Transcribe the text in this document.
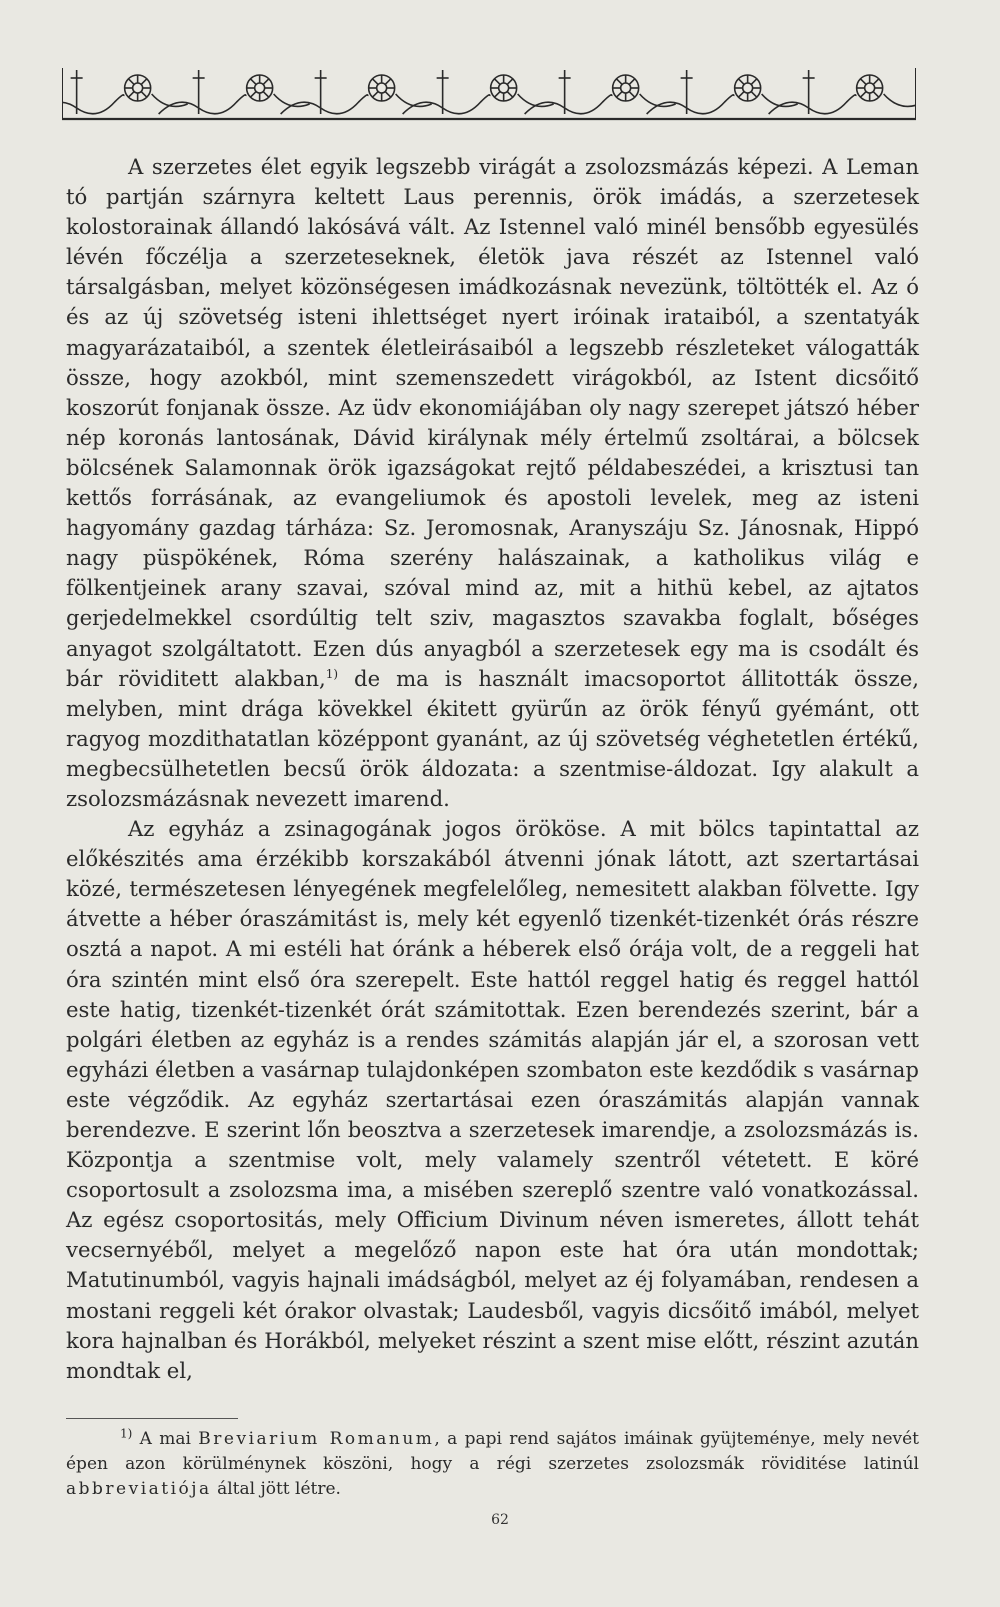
A szerzetes élet egyik legszebb virágát a zsolozsmázás képezi. A Leman tó partján szárnyra keltett Laus perennis, örök imádás, a szerzetesek kolostorainak állandó lakósává vált. Az Istennel való minél bensőbb egyesülés lévén főczélja a szerzeteseknek, életök java részét az Istennel való társalgásban, melyet közönségesen imádkozásnak nevezünk, töltötték el. Az ó és az új szövetség isteni ihlettséget nyert iróinak irataiból, a szentatyák magyarázataiból, a szentek életleirásaiból a legszebb részleteket válogatták össze, hogy azokból, mint szemenszedett virágokból, az Istent dicsőitő koszorút fonjanak össze. Az üdv ekonomiájában oly nagy szerepet játszó héber nép koronás lantosának, Dávid királynak mély értelmű zsoltárai, a bölcsek bölcsének Salamonnak örök igazságokat rejtő példabeszédei, a krisztusi tan kettős forrásának, az evangeliumok és apostoli levelek, meg az isteni hagyomány gazdag tárháza: Sz. Jeromosnak, Aranyszáju Sz. Jánosnak, Hippó nagy püspökének, Róma szerény halászainak, a katholikus világ e fölkentjeinek arany szavai, szóval mind az, mit a hithü kebel, az ajtatos gerjedelmekkel csordúltig telt sziv, magasztos szavakba foglalt, bőséges anyagot szolgáltatott. Ezen dús anyagból a szerzetesek egy ma is csodált és bár röviditett alakban,$^{1)}$ de ma is használt imacsoportot állitották össze, melyben, mint drága kövekkel ékitett gyürűn az örök fényű gyémánt, ott ragyog mozdithatatlan középpont gyanánt, az új szövetség véghetetlen értékű, megbecsülhetetlen becsű örök áldozata: a szentmise-áldozat. Igy alakult a zsolozsmázásnak nevezett imarend.

Az egyház a zsinagogának jogos örököse. A mit bölcs tapintattal az előkészités ama érzékibb korszakából átvenni jónak látott, azt szertartásai közé, természetesen lényegének megfelelőleg, nemesitett alakban fölvette. Igy átvette a héber óraszámitást is, mely két egyenlő tizenkét-tizenkét órás részre osztá a napot. A mi estéli hat óránk a héberek első órája volt, de a reggeli hat óra szintén mint első óra szerepelt. Este hattól reggel hatig és reggel hattól este hatig, tizenkét-tizenkét órát számitottak. Ezen berendezés szerint, bár a polgári életben az egyház is a rendes számitás alapján jár el, a szorosan vett egyházi életben a vasárnap tulajdonképen szombaton este kezdődik s vasárnap este végződik. Az egyház szertartásai ezen óraszámitás alapján vannak berendezve. E szerint lőn beosztva a szerzetesek imarendje, a zsolozsmázás is. Központja a szentmise volt, mely valamely szentről vétetett. E köré csoportosult a zsolozsma ima, a misében szereplő szentre való vonatkozással. Az egész csoportositás, mely Officium Divinum néven ismeretes, állott tehát vecsernyéből, melyet a megelőző napon este hat óra után mondottak; Matutinumból, vagyis hajnali imádságból, melyet az éj folyamában, rendesen a mostani reggeli két órakor olvastak; Laudesből, vagyis dicsőitő imából, melyet kora hajnalban és Horákból, melyeket részint a szent mise előtt, részint azután mondtak el,

$^{1)}$ A mai Breviarium Romanum, a papi rend sajátos imáinak gyüjteménye, mely nevét épen azon körülménynek köszöni, hogy a régi szerzetes zsolozsmák röviditése latinúl abbreviatiója által jött létre.

62
